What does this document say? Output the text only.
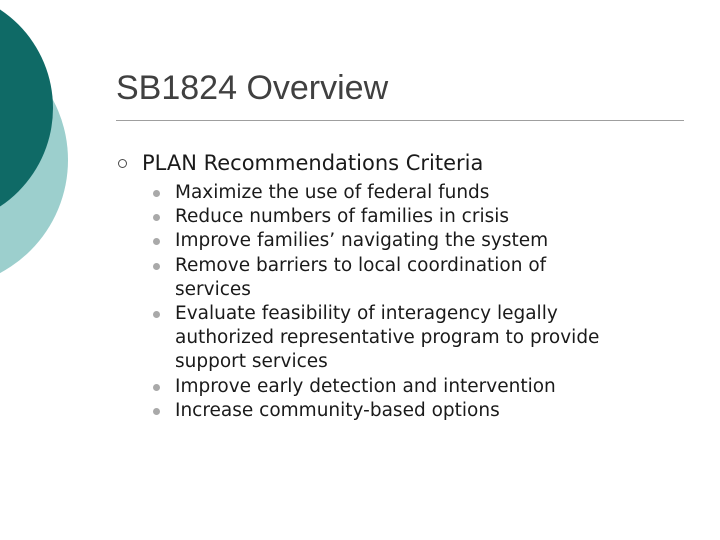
SB1824 Overview
PLAN Recommendations Criteria
Maximize the use of federal funds
Reduce numbers of families in crisis
Improve families’ navigating the system
Remove barriers to local coordination of
services
Evaluate feasibility of interagency legally
authorized representative program to provide
support services
Improve early detection and intervention
Increase community-based options
